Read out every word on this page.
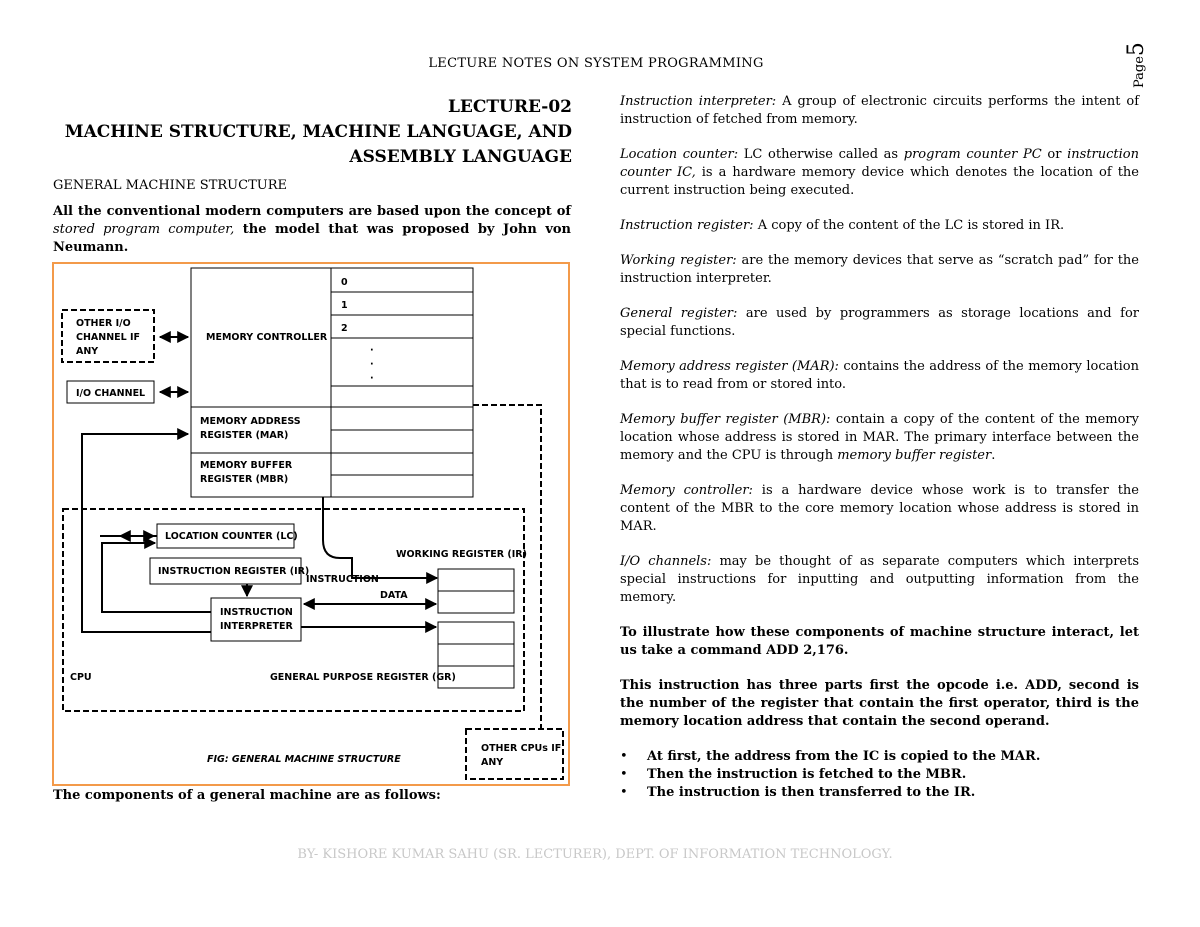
LECTURE NOTES ON SYSTEM PROGRAMMING	Page5
LECTURE-02
MACHINE STRUCTURE, MACHINE LANGUAGE, AND
ASSEMBLY LANGUAGE
GENERAL MACHINE STRUCTURE
All the conventional modern computers are based upon the concept of stored program computer, the model that was proposed by John von Neumann.
0
1
2
·
·
·
MEMORY CONTROLLER
MEMORY ADDRESS
REGISTER (MAR)
MEMORY BUFFER
REGISTER (MBR)
OTHER I/O
CHANNEL IF
ANY
I/O CHANNEL
CPU
LOCATION COUNTER (LC)
INSTRUCTION REGISTER (IR)
INSTRUCTION
INTERPRETER
INSTRUCTION
DATA
WORKING REGISTER (IR)
GENERAL PURPOSE REGISTER (GR)
OTHER CPUs IF
ANY
FIG: GENERAL MACHINE STRUCTURE
The components of a general machine are as follows:

Instruction interpreter: A group of electronic circuits performs the intent of instruction of fetched from memory.

Location counter: LC otherwise called as program counter PC or instruction counter IC, is a hardware memory device which denotes the location of the current instruction being executed.

Instruction register: A copy of the content of the LC is stored in IR.

Working register: are the memory devices that serve as “scratch pad” for the instruction interpreter.

General register: are used by programmers as storage locations and for special functions.

Memory address register (MAR): contains the address of the memory location that is to read from or stored into.

Memory buffer register (MBR): contain a copy of the content of the memory location whose address is stored in MAR. The primary interface between the memory and the CPU is through memory buffer register.

Memory controller: is a hardware device whose work is to transfer the content of the MBR to the core memory location whose address is stored in MAR.

I/O channels: may be thought of as separate computers which interprets special instructions for inputting and outputting information from the memory.

To illustrate how these components of machine structure interact, let us take a command ADD 2,176.

This instruction has three parts first the opcode i.e. ADD, second is the number of the register that contain the first operator, third is the memory location address that contain the second operand.

• At first, the address from the IC is copied to the MAR.
• Then the instruction is fetched to the MBR.
• The instruction is then transferred to the IR.
BY- KISHORE KUMAR SAHU (SR. LECTURER), DEPT. OF INFORMATION TECHNOLOGY.
